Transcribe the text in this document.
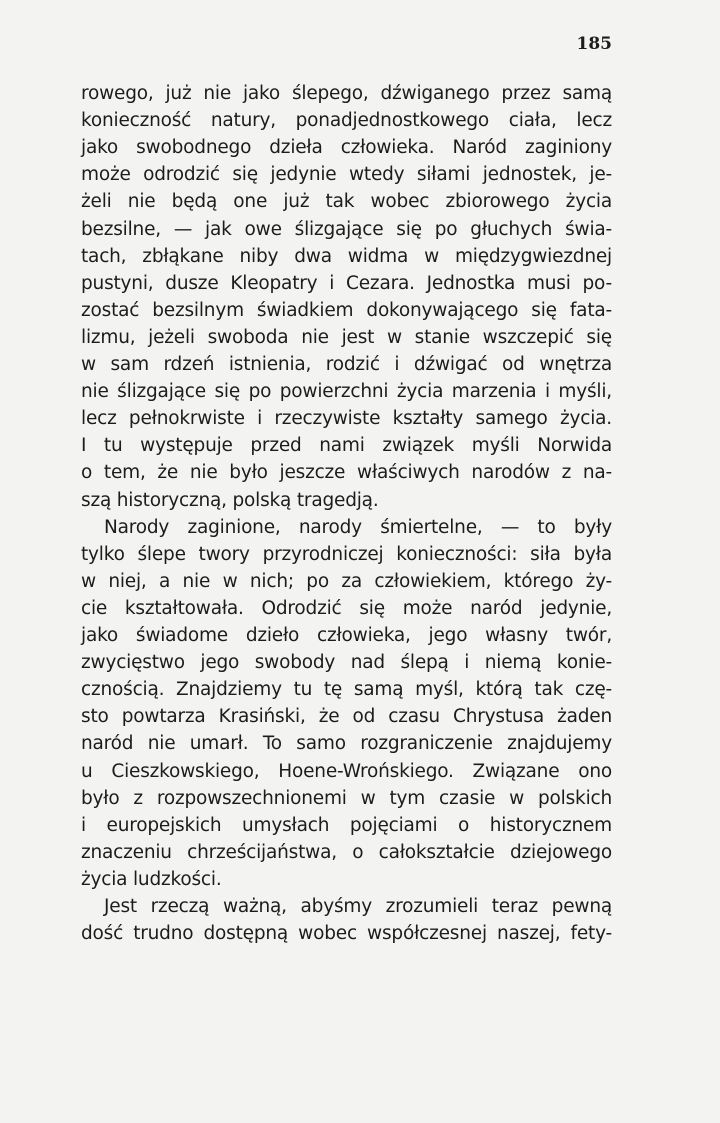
185
rowego, już nie jako ślepego, dźwiganego przez samą
konieczność natury, ponadjednostkowego ciała, lecz
jako swobodnego dzieła człowieka. Naród zaginiony
może odrodzić się jedynie wtedy siłami jednostek, je-
żeli nie będą one już tak wobec zbiorowego życia
bezsilne, — jak owe ślizgające się po głuchych świa-
tach, zbłąkane niby dwa widma w międzygwiezdnej
pustyni, dusze Kleopatry i Cezara. Jednostka musi po-
zostać bezsilnym świadkiem dokonywającego się fata-
lizmu, jeżeli swoboda nie jest w stanie wszczepić się
w sam rdzeń istnienia, rodzić i dźwigać od wnętrza
nie ślizgające się po powierzchni życia marzenia i myśli,
lecz pełnokrwiste i rzeczywiste kształty samego życia.
I tu występuje przed nami związek myśli Norwida
o tem, że nie było jeszcze właściwych narodów z na-
szą historyczną, polską tragedją.
Narody zaginione, narody śmiertelne, — to były
tylko ślepe twory przyrodniczej konieczności: siła była
w niej, a nie w nich; po za człowiekiem, którego ży-
cie kształtowała. Odrodzić się może naród jedynie,
jako świadome dzieło człowieka, jego własny twór,
zwycięstwo jego swobody nad ślepą i niemą konie-
cznością. Znajdziemy tu tę samą myśl, którą tak czę-
sto powtarza Krasiński, że od czasu Chrystusa żaden
naród nie umarł. To samo rozgraniczenie znajdujemy
u Cieszkowskiego, Hoene-Wrońskiego. Związane ono
było z rozpowszechnionemi w tym czasie w polskich
i europejskich umysłach pojęciami o historycznem
znaczeniu chrześcijaństwa, o całokształcie dziejowego
życia ludzkości.
Jest rzeczą ważną, abyśmy zrozumieli teraz pewną
dość trudno dostępną wobec współczesnej naszej, fety-
